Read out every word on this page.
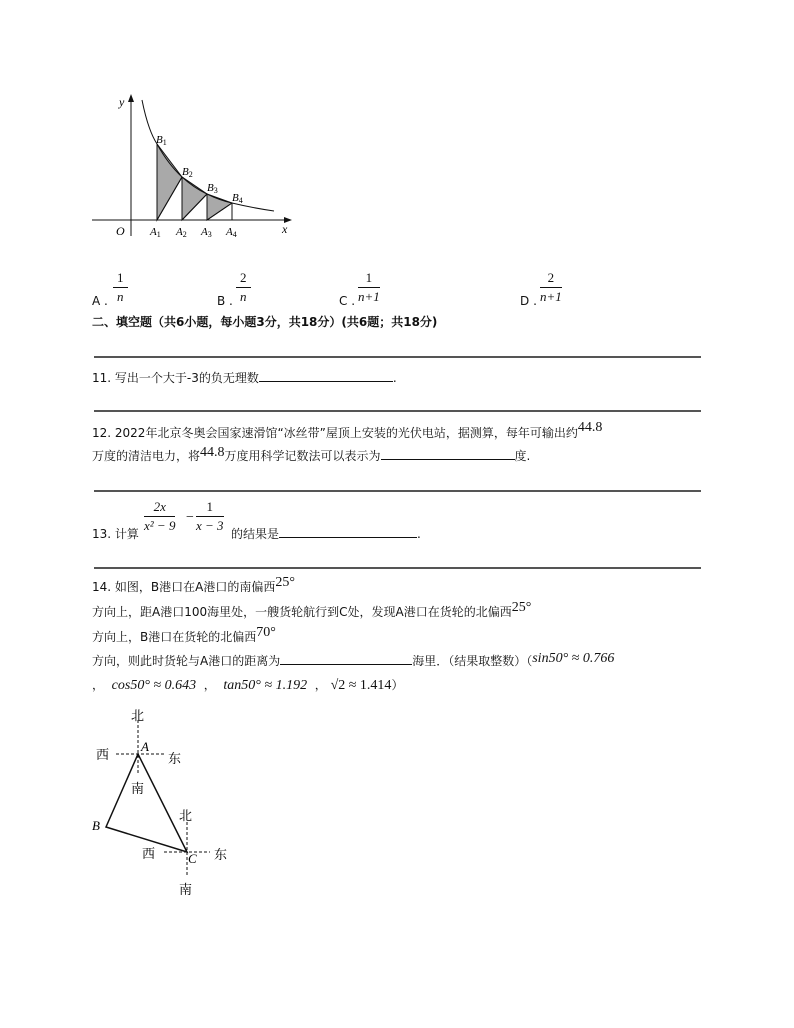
y
x
O
B1
B2
B3
B4
A1 A2 A3 A4
A .
1
n	B .
2
n	C .
1
n+1	D .
2
n+1
二、填空题（共6小题，每小题3分，共18分）(共6题；共18分)
11. 写出一个大于-3的负无理数	.
12. 2022年北京冬奥会国家速滑馆“冰丝带”屋顶上安装的光伏电站，据测算，每年可输出约44.8
万度的清洁电力，将44.8万度用科学记数法可以表示为	度.
13. 计算
2x
x² − 9
−
1
x − 3
的结果是	.
14. 如图，B港口在A港口的南偏西25°
方向上，距A港口100海里处，一艘货轮航行到C处，发现A港口在货轮的北偏西25°
方向上，B港口在货轮的北偏西70°
方向，则此时货轮与A港口的距离为	海里．（结果取整数）（sin50° ≈ 0.766
， cos50° ≈ 0.643 ， tan50° ≈ 1.192 ， √2 ≈ 1.414）
北
西	东
南
A
B
C
北
西	东
南
